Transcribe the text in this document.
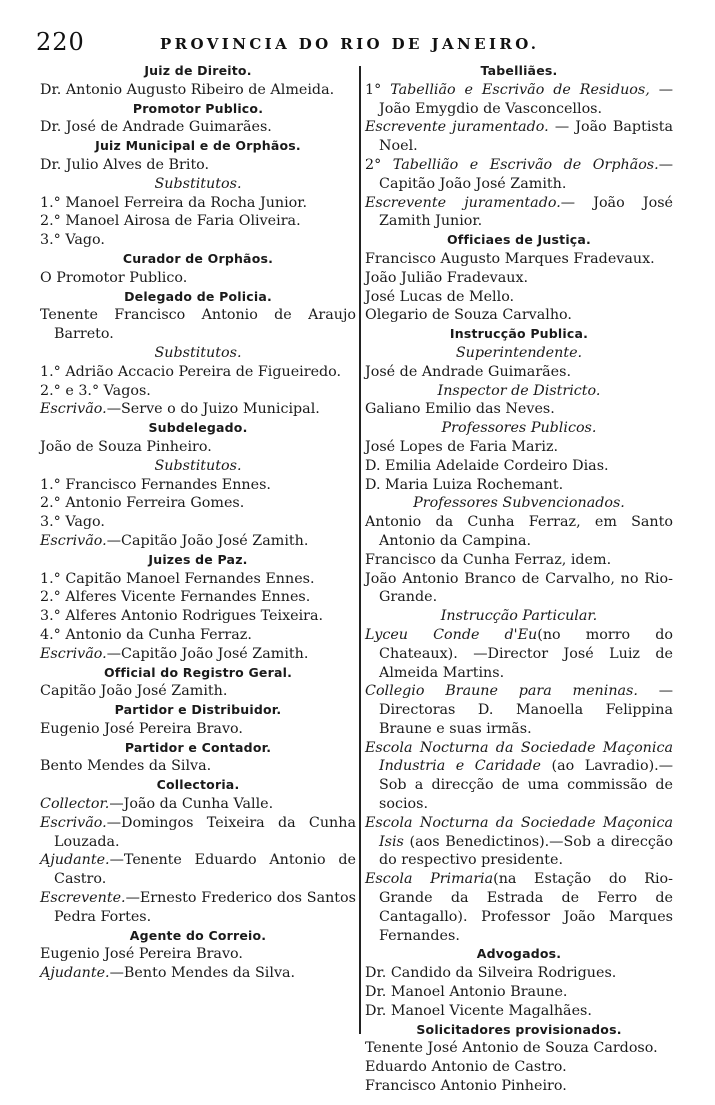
220	PROVINCIA DO RIO DE JANEIRO.
Juiz de Direito.
Dr. Antonio Augusto Ribeiro de Almeida.
Promotor Publico.
Dr. José de Andrade Guimarães.
Juiz Municipal e de Orphãos.
Dr. Julio Alves de Brito.
Substitutos.
1.° Manoel Ferreira da Rocha Junior.
2.° Manoel Airosa de Faria Oliveira.
3.° Vago.
Curador de Orphãos.
O Promotor Publico.
Delegado de Policia.
Tenente Francisco Antonio de Araujo Barreto.
Substitutos.
1.° Adrião Accacio Pereira de Figueiredo.
2.° e 3.° Vagos.
Escrivão.—Serve o do Juizo Municipal.
Subdelegado.
João de Souza Pinheiro.
Substitutos.
1.° Francisco Fernandes Ennes.
2.° Antonio Ferreira Gomes.
3.° Vago.
Escrivão.—Capitão João José Zamith.
Juizes de Paz.
1.° Capitão Manoel Fernandes Ennes.
2.° Alferes Vicente Fernandes Ennes.
3.° Alferes Antonio Rodrigues Teixeira.
4.° Antonio da Cunha Ferraz.
Escrivão.—Capitão João José Zamith.
Official do Registro Geral.
Capitão João José Zamith.
Partidor e Distribuidor.
Eugenio José Pereira Bravo.
Partidor e Contador.
Bento Mendes da Silva.
Collectoria.
Collector.—João da Cunha Valle.
Escrivão.—Domingos Teixeira da Cunha Louzada.
Ajudante.—Tenente Eduardo Antonio de Castro.
Escrevente.—Ernesto Frederico dos Santos Pedra Fortes.
Agente do Correio.
Eugenio José Pereira Bravo.
Ajudante.—Bento Mendes da Silva.
Tabelliães.
1° Tabellião e Escrivão de Residuos, — João Emygdio de Vasconcellos.
Escrevente juramentado. — João Baptista Noel.
2° Tabellião e Escrivão de Orphãos.—Capitão João José Zamith.
Escrevente juramentado.— João José Zamith Junior.
Officiaes de Justiça.
Francisco Augusto Marques Fradevaux.
João Julião Fradevaux.
José Lucas de Mello.
Olegario de Souza Carvalho.
Instrucção Publica.
Superintendente.
José de Andrade Guimarães.
Inspector de Districto.
Galiano Emilio das Neves.
Professores Publicos.
José Lopes de Faria Mariz.
D. Emilia Adelaide Cordeiro Dias.
D. Maria Luiza Rochemant.
Professores Subvencionados.
Antonio da Cunha Ferraz, em Santo Antonio da Campina.
Francisco da Cunha Ferraz, idem.
João Antonio Branco de Carvalho, no Rio-Grande.
Instrucção Particular.
Lyceu Conde d'Eu(no morro do Chateaux). —Director José Luiz de Almeida Martins.
Collegio Braune para meninas. — Directoras D. Manoella Felippina Braune e suas irmãs.
Escola Nocturna da Sociedade Maçonica Industria e Caridade (ao Lavradio).—Sob a direcção de uma commissão de socios.
Escola Nocturna da Sociedade Maçonica Isis (aos Benedictinos).—Sob a direcção do respectivo presidente.
Escola Primaria(na Estação do Rio-Grande da Estrada de Ferro de Cantagallo). Professor João Marques Fernandes.
Advogados.
Dr. Candido da Silveira Rodrigues.
Dr. Manoel Antonio Braune.
Dr. Manoel Vicente Magalhães.
Solicitadores provisionados.
Tenente José Antonio de Souza Cardoso.
Eduardo Antonio de Castro.
Francisco Antonio Pinheiro.
